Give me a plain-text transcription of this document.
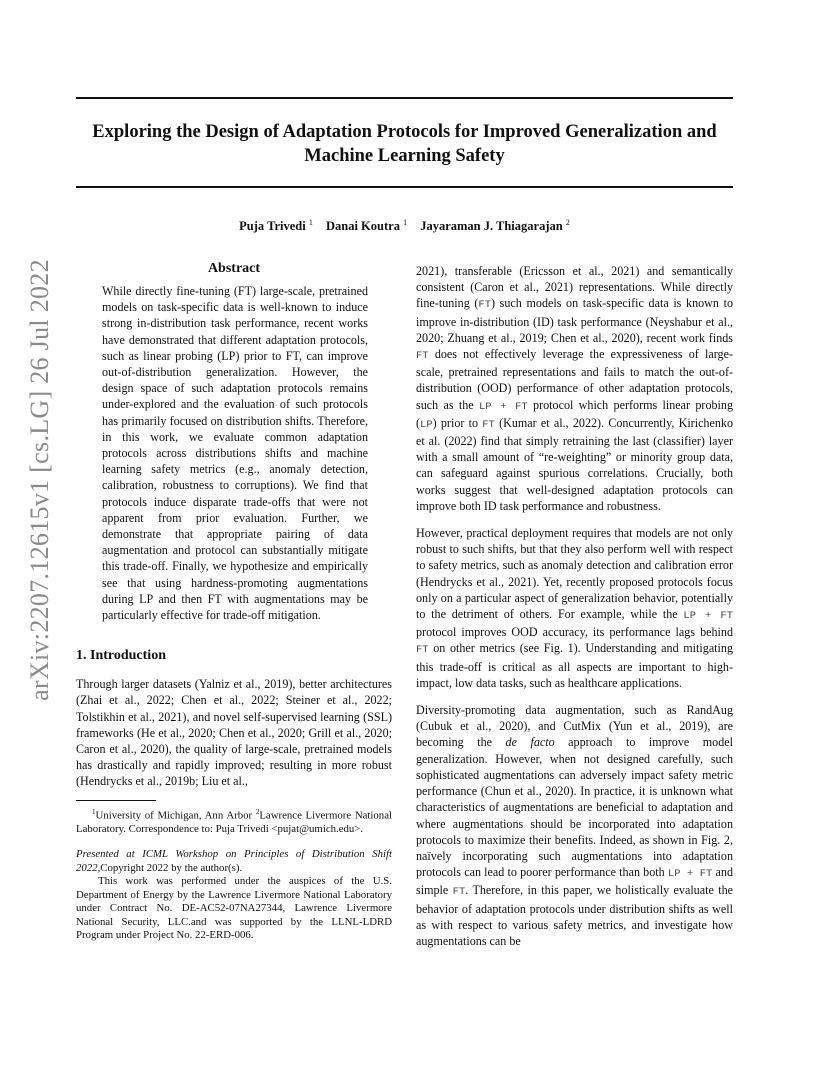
Exploring the Design of Adaptation Protocols for Improved Generalization and Machine Learning Safety
Puja Trivedi $^1$ Danai Koutra $^1$ Jayaraman J. Thiagarajan $^2$
arXiv:2207.12615v1 [cs.LG] 26 Jul 2022	Abstract

While directly fine-tuning (FT) large-scale, pretrained models on task-specific data is well-known to induce strong in-distribution task performance, recent works have demonstrated that different adaptation protocols, such as linear probing (LP) prior to FT, can improve out-of-distribution generalization. However, the design space of such adaptation protocols remains under-explored and the evaluation of such protocols has primarily focused on distribution shifts. Therefore, in this work, we evaluate common adaptation protocols across distributions shifts and machine learning safety metrics (e.g., anomaly detection, calibration, robustness to corruptions). We find that protocols induce disparate trade-offs that were not apparent from prior evaluation. Further, we demonstrate that appropriate pairing of data augmentation and protocol can substantially mitigate this trade-off. Finally, we hypothesize and empirically see that using hardness-promoting augmentations during LP and then FT with augmentations may be particularly effective for trade-off mitigation.

1. Introduction

Through larger datasets (Yalniz et al., 2019), better architectures (Zhai et al., 2022; Chen et al., 2022; Steiner et al., 2022; Tolstikhin et al., 2021), and novel self-supervised learning (SSL) frameworks (He et al., 2020; Chen et al., 2020; Grill et al., 2020; Caron et al., 2020), the quality of large-scale, pretrained models has drastically and rapidly improved; resulting in more robust (Hendrycks et al., 2019b; Liu et al.,

$^1$University of Michigan, Ann Arbor $^2$Lawrence Livermore National Laboratory. Correspondence to: Puja Trivedi <pujat@umich.edu>.

Presented at ICML Workshop on Principles of Distribution Shift 2022,Copyright 2022 by the author(s).

This work was performed under the auspices of the U.S. Department of Energy by the Lawrence Livermore National Laboratory under Contract No. DE-AC52-07NA27344, Lawrence Livermore National Security, LLC.and was supported by the LLNL-LDRD Program under Project No. 22-ERD-006.

2021), transferable (Ericsson et al., 2021) and semantically consistent (Caron et al., 2021) representations. While directly fine-tuning (FT) such models on task-specific data is known to improve in-distribution (ID) task performance (Neyshabur et al., 2020; Zhuang et al., 2019; Chen et al., 2020), recent work finds FT does not effectively leverage the expressiveness of large-scale, pretrained representations and fails to match the out-of-distribution (OOD) performance of other adaptation protocols, such as the LP + FT protocol which performs linear probing (LP) prior to FT (Kumar et al., 2022). Concurrently, Kirichenko et al. (2022) find that simply retraining the last (classifier) layer with a small amount of “re-weighting” or minority group data, can safeguard against spurious correlations. Crucially, both works suggest that well-designed adaptation protocols can improve both ID task performance and robustness.

However, practical deployment requires that models are not only robust to such shifts, but that they also perform well with respect to safety metrics, such as anomaly detection and calibration error (Hendrycks et al., 2021). Yet, recently proposed protocols focus only on a particular aspect of generalization behavior, potentially to the detriment of others. For example, while the LP + FT protocol improves OOD accuracy, its performance lags behind FT on other metrics (see Fig. 1). Understanding and mitigating this trade-off is critical as all aspects are important to high-impact, low data tasks, such as healthcare applications.

Diversity-promoting data augmentation, such as RandAug (Cubuk et al., 2020), and CutMix (Yun et al., 2019), are becoming the de facto approach to improve model generalization. However, when not designed carefully, such sophisticated augmentations can adversely impact safety metric performance (Chun et al., 2020). In practice, it is unknown what characteristics of augmentations are beneficial to adaptation and where augmentations should be incorporated into adaptation protocols to maximize their benefits. Indeed, as shown in Fig. 2, naïvely incorporating such augmentations into adaptation protocols can lead to poorer performance than both LP + FT and simple FT. Therefore, in this paper, we holistically evaluate the behavior of adaptation protocols under distribution shifts as well as with respect to various safety metrics, and investigate how augmentations can be
